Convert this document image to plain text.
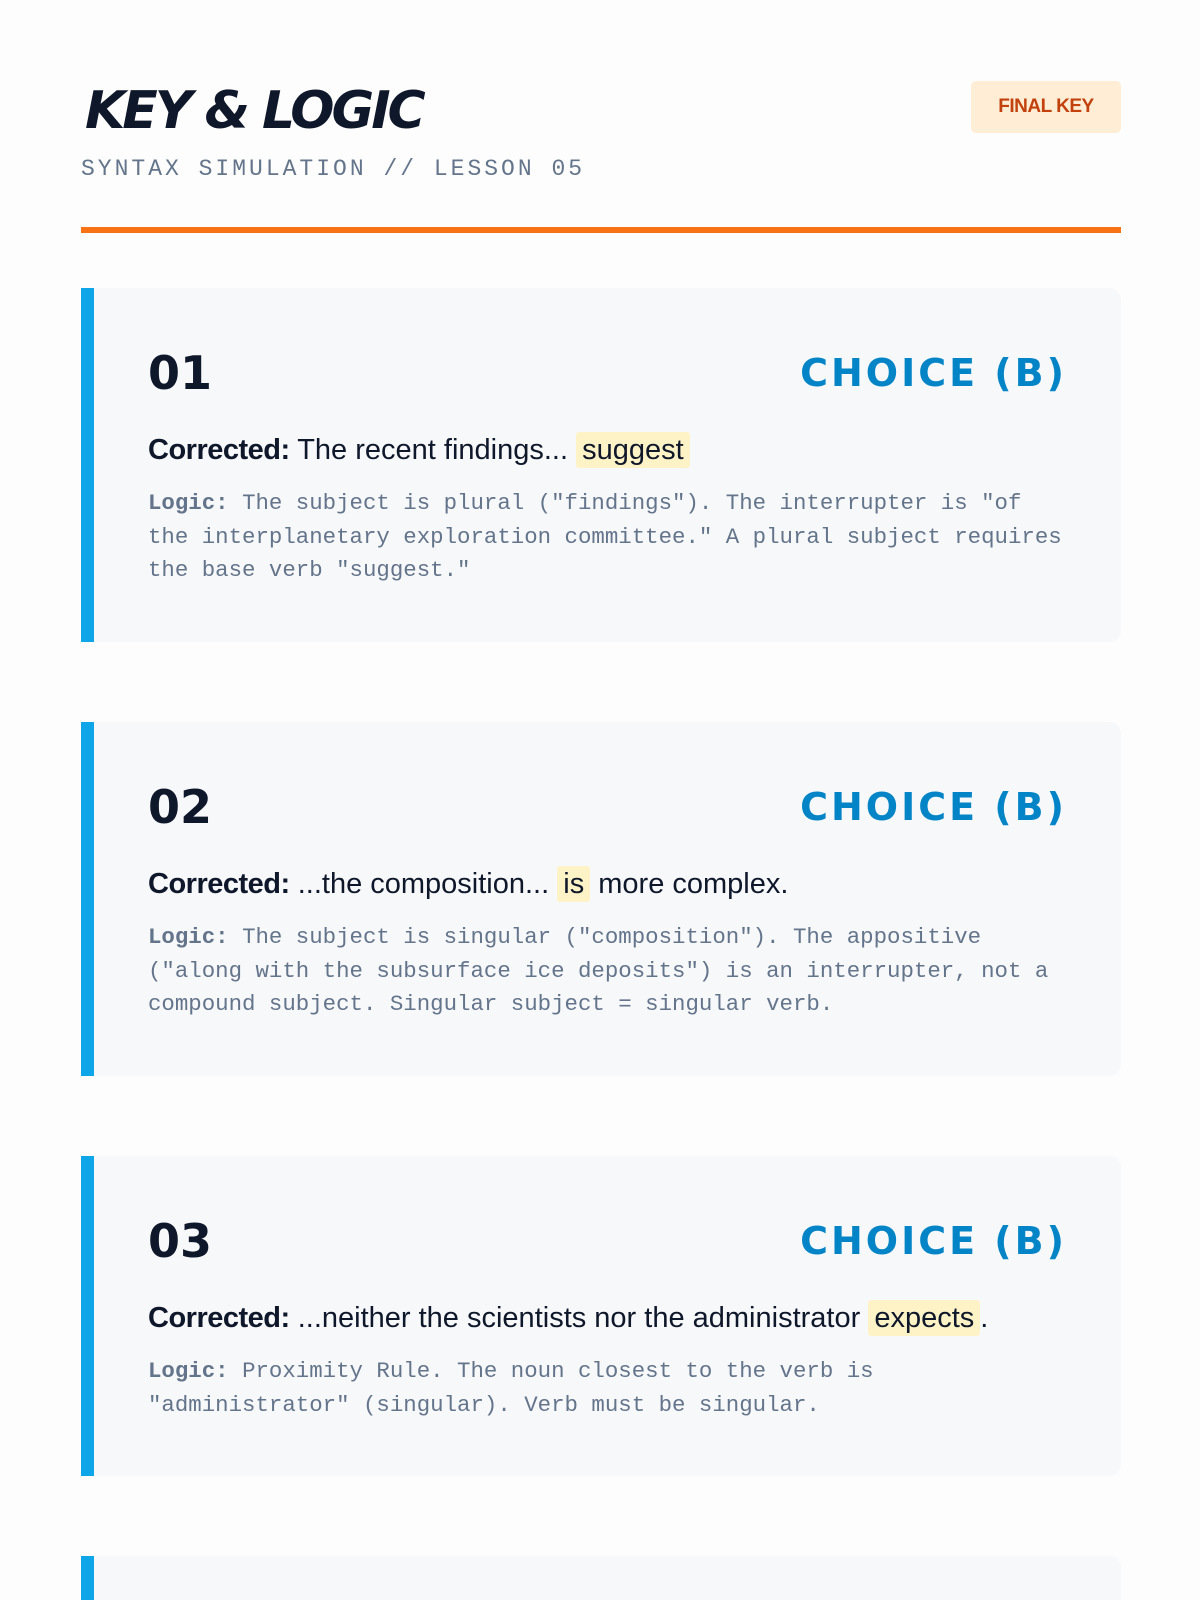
KEY & LOGIC
SYNTAX SIMULATION // LESSON 05
FINAL KEY
01	CHOICE (B)
Corrected: The recent findings... suggest
Logic: The subject is plural ("findings"). The interrupter is "of the interplanetary exploration committee." A plural subject requires the base verb "suggest."
02	CHOICE (B)
Corrected: ...the composition... is more complex.
Logic: The subject is singular ("composition"). The appositive ("along with the subsurface ice deposits") is an interrupter, not a compound subject. Singular subject = singular verb.
03	CHOICE (B)
Corrected: ...neither the scientists nor the administrator expects .
Logic: Proximity Rule. The noun closest to the verb is "administrator" (singular). Verb must be singular.
